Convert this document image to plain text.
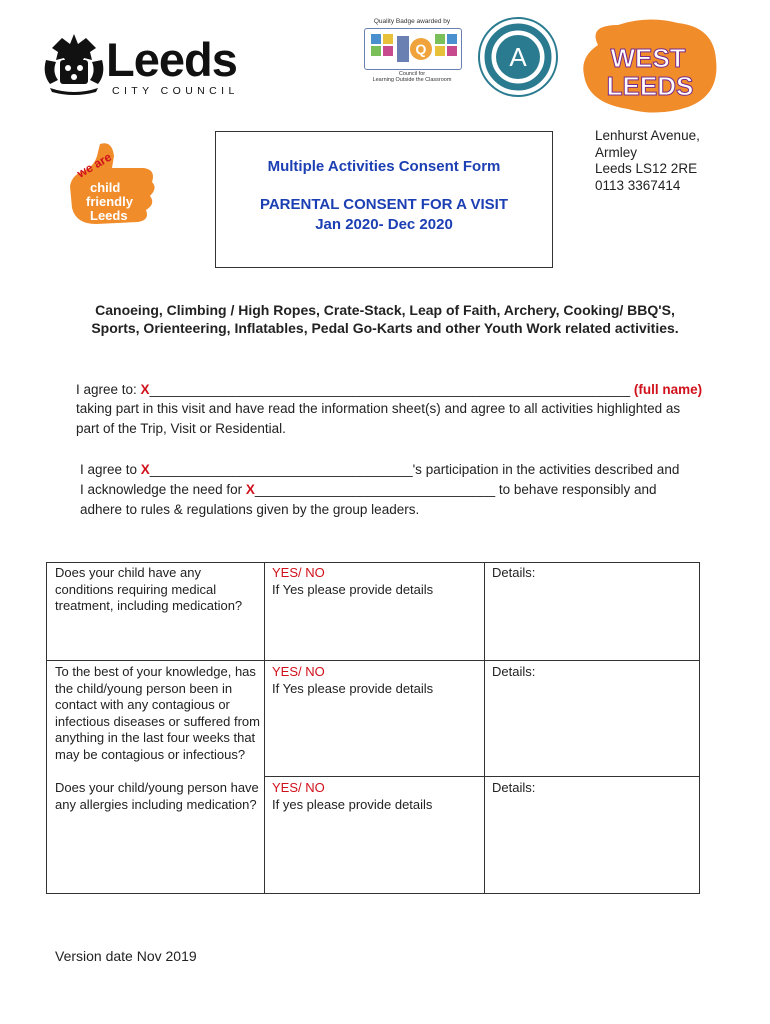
Leeds
CITY COUNCIL
Quality Badge awarded by
Q
Council for
Learning Outside the Classroom
A	WEST
LEEDS
we are
child
friendly
Leeds
Multiple Activities Consent Form
PARENTAL CONSENT FOR A VISIT
Jan 2020- Dec 2020
Lenhurst Avenue,
Armley
Leeds LS12 2RE
0113 3367414
Canoeing, Climbing / High Ropes, Crate-Stack, Leap of Faith, Archery, Cooking/ BBQ'S,
Sports, Orienteering, Inflatables, Pedal Go-Karts and other Youth Work related activities.
I agree to: X________________________________________________________________ (full name)
taking part in this visit and have read the information sheet(s) and agree to all activities highlighted as
part of the Trip, Visit or Residential.
I agree to X___________________________________'s participation in the activities described and
I acknowledge the need for X________________________________ to behave responsibly and
adhere to rules & regulations given by the group leaders.
Does your child have any conditions requiring medical treatment, including medication?
YES/ NO
If Yes please provide details
Details:
To the best of your knowledge, has the child/young person been in contact with any contagious or infectious diseases or suffered from anything in the last four weeks that may be contagious or infectious?
YES/ NO
If Yes please provide details
Details:
Does your child/young person have any allergies including medication?
YES/ NO
If yes please provide details
Details:
Version date Nov 2019
